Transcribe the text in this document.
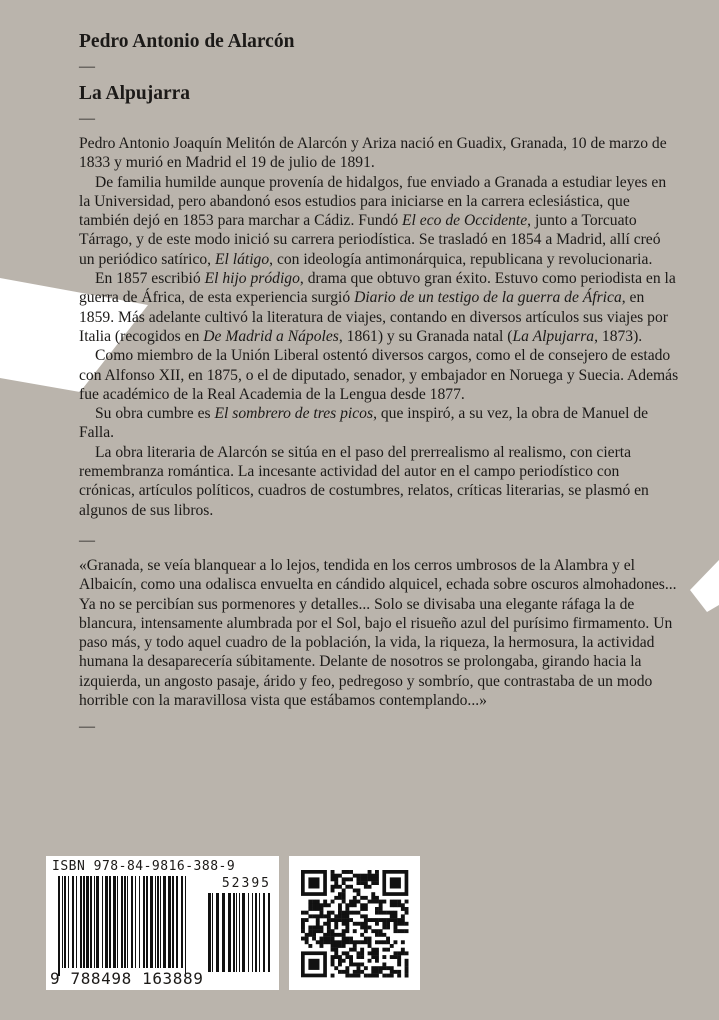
Pedro Antonio de Alarcón
—
La Alpujarra
—

Pedro Antonio Joaquín Melitón de Alarcón y Ariza nació en Guadix, Granada, 10 de marzo de 1833 y murió en Madrid el 19 de julio de 1891.

De familia humilde aunque provenía de hidalgos, fue enviado a Granada a estudiar leyes en la Universidad, pero abandonó esos estudios para iniciarse en la carrera eclesiástica, que también dejó en 1853 para marchar a Cádiz. Fundó El eco de Occidente, junto a Torcuato Tárrago, y de este modo inició su carrera periodística. Se trasladó en 1854 a Madrid, allí creó un periódico satírico, El látigo, con ideología antimonárquica, republicana y revolucionaria.

En 1857 escribió El hijo pródigo, drama que obtuvo gran éxito. Estuvo como periodista en la guerra de África, de esta experiencia surgió Diario de un testigo de la guerra de África, en 1859. Más adelante cultivó la literatura de viajes, contando en diversos artículos sus viajes por Italia (recogidos en De Madrid a Nápoles, 1861) y su Granada natal (La Alpujarra, 1873).

Como miembro de la Unión Liberal ostentó diversos cargos, como el de consejero de estado con Alfonso XII, en 1875, o el de diputado, senador, y embajador en Noruega y Suecia. Además fue académico de la Real Academia de la Lengua desde 1877.

Su obra cumbre es El sombrero de tres picos, que inspiró, a su vez, la obra de Manuel de Falla.

La obra literaria de Alarcón se sitúa en el paso del prerrealismo al realismo, con cierta remembranza romántica. La incesante actividad del autor en el campo periodístico con crónicas, artículos políticos, cuadros de costumbres, relatos, críticas literarias, se plasmó en algunos de sus libros.

—

«Granada, se veía blanquear a lo lejos, tendida en los cerros umbrosos de la Alambra y el Albaicín, como una odalisca envuelta en cándido alquicel, echada sobre oscuros almohadones... Ya no se percibían sus pormenores y detalles... Solo se divisaba una elegante ráfaga la de blancura, intensamente alumbrada por el Sol, bajo el risueño azul del purísimo firmamento. Un paso más, y todo aquel cuadro de la población, la vida, la riqueza, la hermosura, la actividad humana la desaparecería súbitamente. Delante de nosotros se prolongaba, girando hacia la izquierda, un angosto pasaje, árido y feo, pedregoso y sombrío, que contrastaba de un modo horrible con la maravillosa vista que estábamos contemplando...»

—
ISBN 978-84-9816-388-9
52395
9 788498 163889
